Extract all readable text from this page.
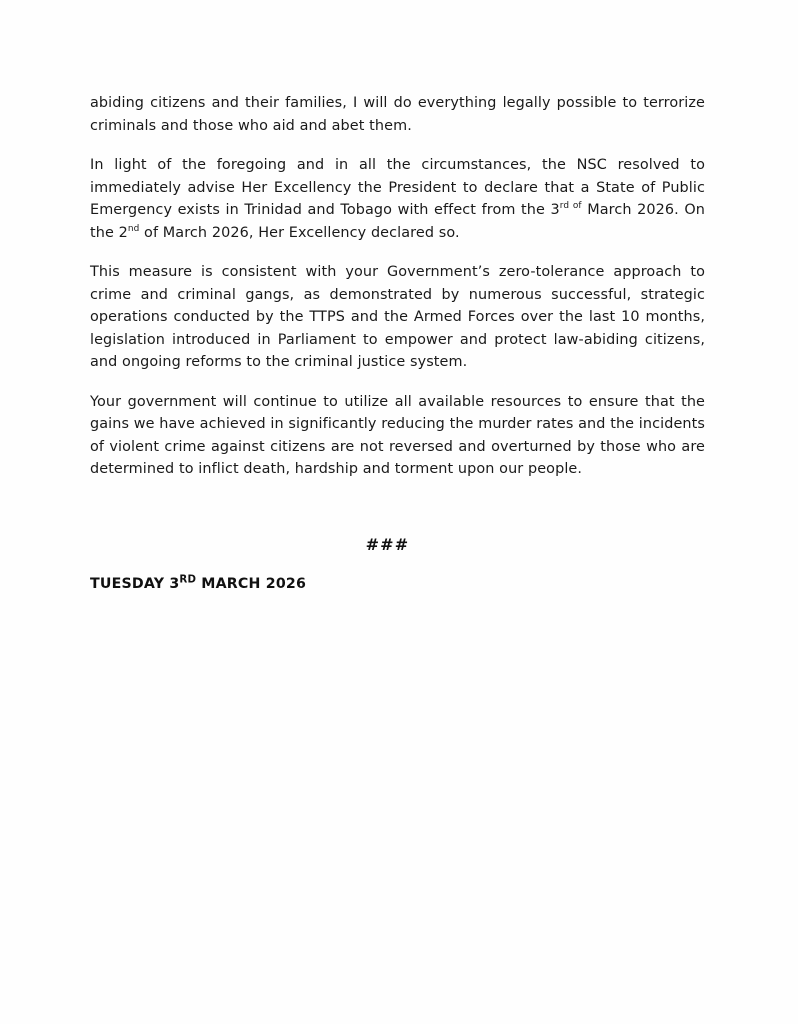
abiding citizens and their families, I will do everything legally possible to terrorize criminals and those who aid and abet them.

In light of the foregoing and in all the circumstances, the NSC resolved to immediately advise Her Excellency the President to declare that a State of Public Emergency exists in Trinidad and Tobago with effect from the $3^{rd of}$ March 2026. On the 2nd of March 2026, Her Excellency declared so.

This measure is consistent with your Government’s zero-tolerance approach to crime and criminal gangs, as demonstrated by numerous successful, strategic operations conducted by the TTPS and the Armed Forces over the last 10 months, legislation introduced in Parliament to empower and protect law-abiding citizens, and ongoing reforms to the criminal justice system.

Your government will continue to utilize all available resources to ensure that the gains we have achieved in significantly reducing the murder rates and the incidents of violent crime against citizens are not reversed and overturned by those who are determined to inflict death, hardship and torment upon our people.

###

TUESDAY 3RD MARCH 2026
